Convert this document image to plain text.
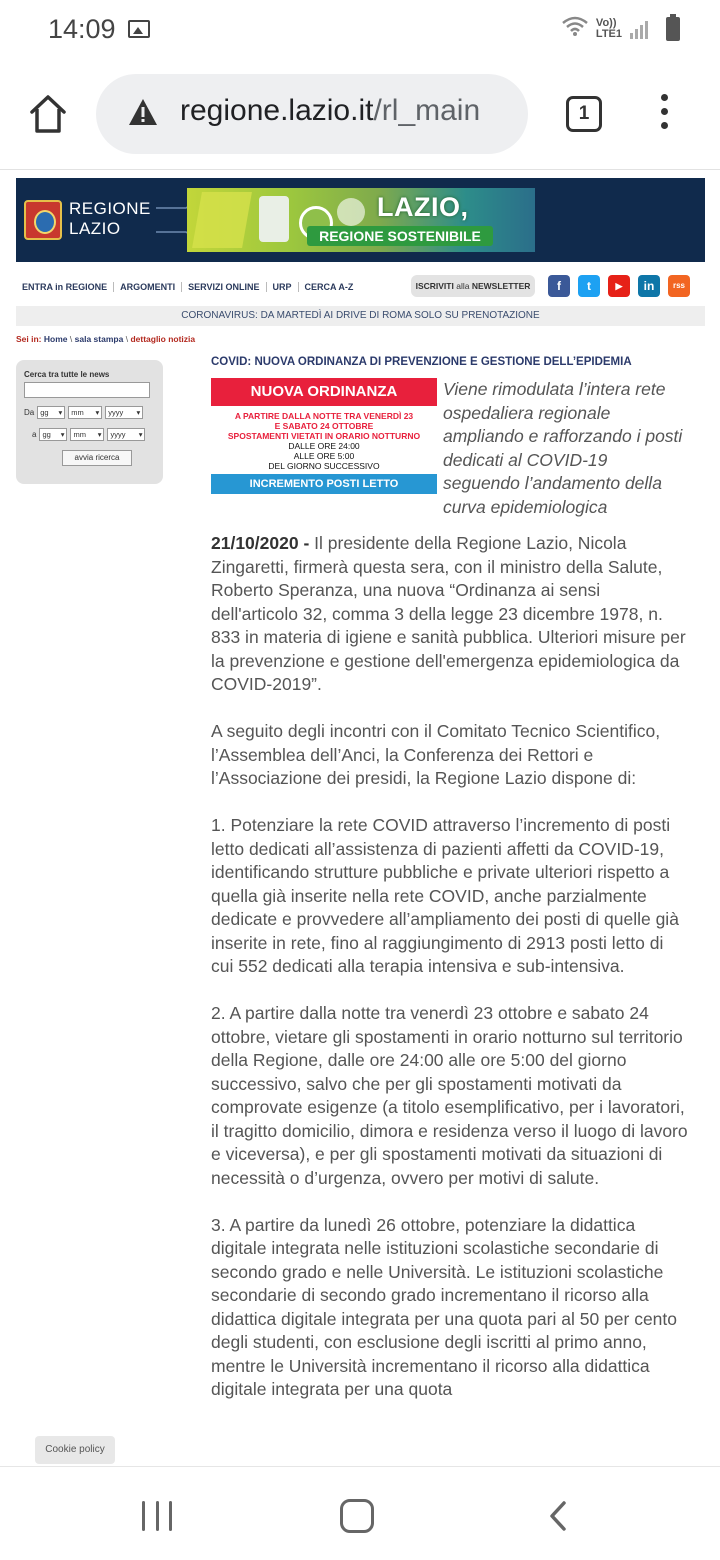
14:09	Vo))
LTE1
regione.lazio.it/rl_main	1
REGIONE
LAZIO
LAZIO,
REGIONE SOSTENIBILE
ENTRA in REGIONE	ARGOMENTI	SERVIZI ONLINE	URP	CERCA A-Z	ISCRIVITI alla NEWSLETTER	f	t	▶	in	rss
CORONAVIRUS: DA MARTEDÌ AI DRIVE DI ROMA SOLO SU PRENOTAZIONE
Sei in: Home \ sala stampa \ dettaglio notizia
Cerca tra tutte le news
Da gg ▾	mm ▾	yyyy ▾
a gg ▾	mm ▾	yyyy ▾
avvia ricerca
COVID: NUOVA ORDINANZA DI PREVENZIONE E GESTIONE DELL’EPIDEMIA
NUOVA ORDINANZA
A PARTIRE DALLA NOTTE TRA VENERDÌ 23
E SABATO 24 OTTOBRE
SPOSTAMENTI VIETATI IN ORARIO NOTTURNO
DALLE ORE 24:00
ALLE ORE 5:00
DEL GIORNO SUCCESSIVO
INCREMENTO POSTI LETTO
Viene rimodulata l’intera rete ospedaliera regionale ampliando e rafforzando i posti dedicati al COVID-19 seguendo l’andamento della curva epidemiologica

21/10/2020 - Il presidente della Regione Lazio, Nicola Zingaretti, firmerà questa sera, con il ministro della Salute, Roberto Speranza, una nuova “Ordinanza ai sensi dell'articolo 32, comma 3 della legge 23 dicembre 1978, n. 833 in materia di igiene e sanità pubblica. Ulteriori misure per la prevenzione e gestione dell'emergenza epidemiologica da COVID-2019”.

A seguito degli incontri con il Comitato Tecnico Scientifico, l’Assemblea dell’Anci, la Conferenza dei Rettori e l’Associazione dei presidi, la Regione Lazio dispone di:

1. Potenziare la rete COVID attraverso l’incremento di posti letto dedicati all’assistenza di pazienti affetti da COVID-19, identificando strutture pubbliche e private ulteriori rispetto a quella già inserite nella rete COVID, anche parzialmente dedicate e provvedere all’ampliamento dei posti di quelle già inserite in rete, fino al raggiungimento di 2913 posti letto di cui 552 dedicati alla terapia intensiva e sub-intensiva.

2. A partire dalla notte tra venerdì 23 ottobre e sabato 24 ottobre, vietare gli spostamenti in orario notturno sul territorio della Regione, dalle ore 24:00 alle ore 5:00 del giorno successivo, salvo che per gli spostamenti motivati da comprovate esigenze (a titolo esemplificativo, per i lavoratori, il tragitto domicilio, dimora e residenza verso il luogo di lavoro e viceversa), e per gli spostamenti motivati da situazioni di necessità o d’urgenza, ovvero per motivi di salute.

3. A partire da lunedì 26 ottobre, potenziare la didattica digitale integrata nelle istituzioni scolastiche secondarie di secondo grado e nelle Università. Le istituzioni scolastiche secondarie di secondo grado incrementano il ricorso alla didattica digitale integrata per una quota pari al 50 per cento degli studenti, con esclusione degli iscritti al primo anno, mentre le Università incrementano il ricorso alla didattica digitale integrata per una quota

Cookie policy
